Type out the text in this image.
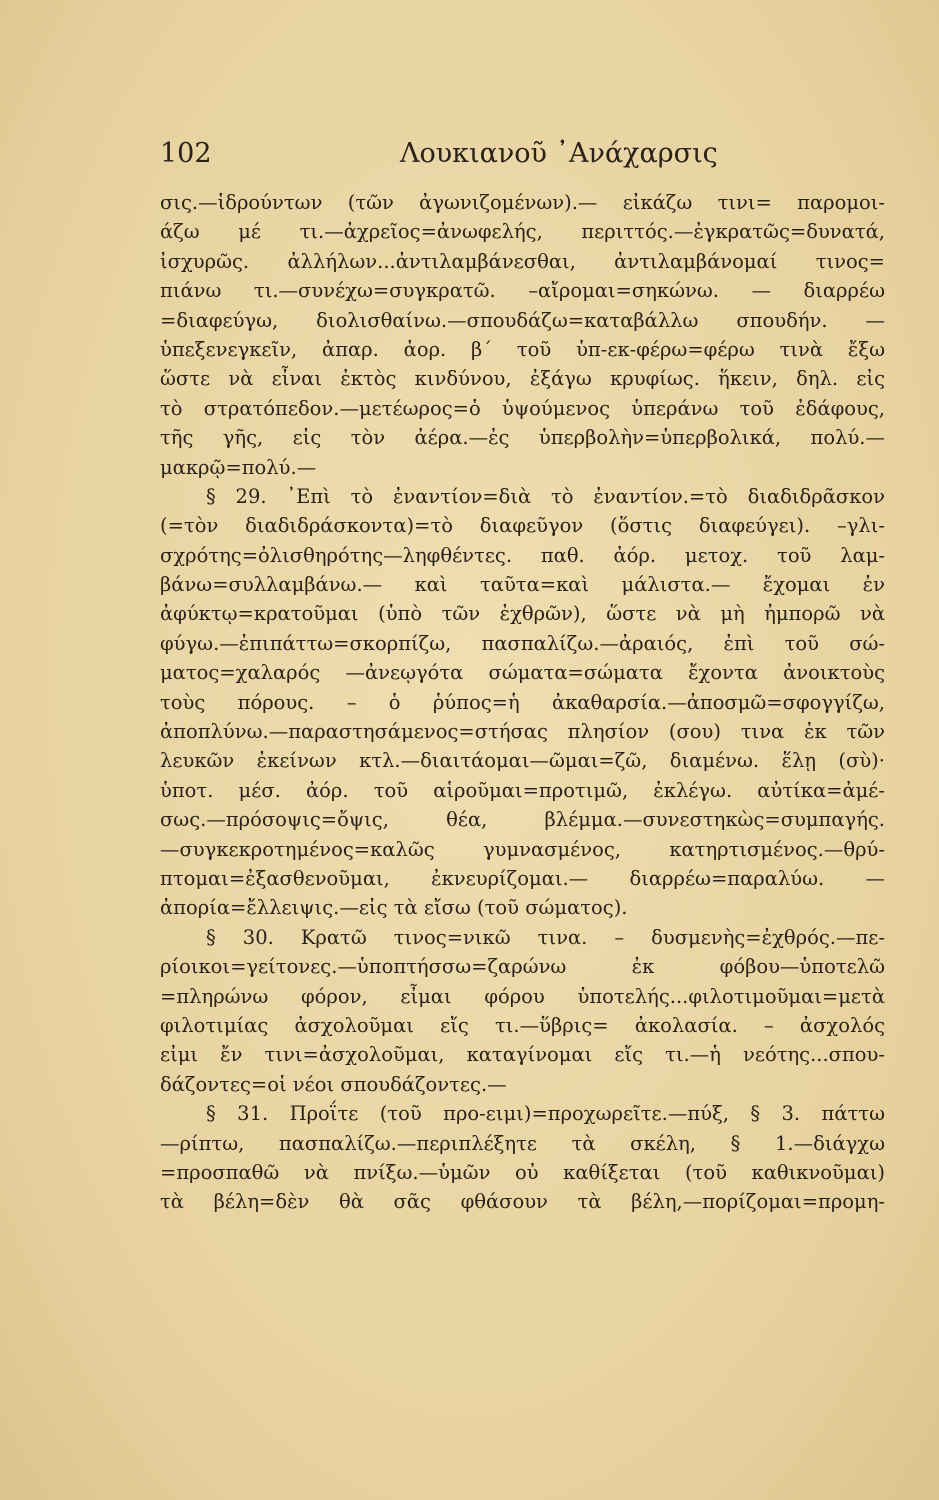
102	Λουκιανοῦ ᾿Ανάχαρσις
σις.—ἱδρούντων (τῶν ἀγωνιζομένων).— εἰκάζω τινι= παρομοι-
άζω μέ τι.—ἀχρεῖος=ἀνωφελής, περιττός.—ἐγκρατῶς=δυνατά,
ἰσχυρῶς. ἀλλήλων...ἀντιλαμβάνεσθαι, ἀντιλαμβάνομαί τινος=
πιάνω τι.—συνέχω=συγκρατῶ. –αἴρομαι=σηκώνω. — διαρρέω
=διαφεύγω, διολισθαίνω.—σπουδάζω=καταβάλλω σπουδήν. —
ὑπεξενεγκεῖν, ἀπαρ. ἀορ. β΄ τοῦ ὑπ-εκ-φέρω=φέρω τινὰ ἔξω
ὥστε νὰ εἶναι ἐκτὸς κινδύνου, ἐξάγω κρυφίως. ἥκειν, δηλ. εἰς
τὸ στρατόπεδον.—μετέωρος=ὁ ὑψούμενος ὑπεράνω τοῦ ἐδάφους,
τῆς γῆς, εἰς τὸν ἀέρα.—ἐς ὑπερβολὴν=ὑπερβολικά, πολύ.—
μακρῷ=πολύ.—
§ 29. ᾿Επὶ τὸ ἐναντίον=διὰ τὸ ἐναντίον.=τὸ διαδιδρᾶσκον
(=τὸν διαδιδράσκοντα)=τὸ διαφεῦγον (ὅστις διαφεύγει). –γλι-
σχρότης=ὀλισθηρότης—ληφθέντες. παθ. ἀόρ. μετοχ. τοῦ λαμ-
βάνω=συλλαμβάνω.— καὶ ταῦτα=καὶ μάλιστα.— ἔχομαι ἐν
ἀφύκτῳ=κρατοῦμαι (ὑπὸ τῶν ἐχθρῶν), ὥστε νὰ μὴ ἠμπορῶ νὰ
φύγω.—ἐπιπάττω=σκορπίζω, πασπαλίζω.—ἀραιός, ἐπὶ τοῦ σώ-
ματος=χαλαρός —ἀνεῳγότα σώματα=σώματα ἔχοντα ἀνοικτοὺς
τοὺς πόρους. – ὁ ῥύπος=ἡ ἀκαθαρσία.—ἀποσμῶ=σφογγίζω,
ἀποπλύνω.—παραστησάμενος=στήσας πλησίον (σου) τινα ἐκ τῶν
λευκῶν ἐκείνων κτλ.—διαιτάομαι—ῶμαι=ζῶ, διαμένω. ἕλῃ (σὺ)·
ὑποτ. μέσ. ἀόρ. τοῦ αἱροῦμαι=προτιμῶ, ἐκλέγω. αὐτίκα=ἀμέ-
σως.—πρόσοψις=ὄψις, θέα, βλέμμα.—συνεστηκὼς=συμπαγής.
—συγκεκροτημένος=καλῶς γυμνασμένος, κατηρτισμένος.—θρύ-
πτομαι=ἐξασθενοῦμαι, ἐκνευρίζομαι.— διαρρέω=παραλύω. —
ἀπορία=ἔλλειψις.—εἰς τὰ εἴσω (τοῦ σώματος).
§ 30. Κρατῶ τινος=νικῶ τινα. – δυσμενὴς=ἐχθρός.—πε-
ρίοικοι=γείτονες.—ὑποπτήσσω=ζαρώνω ἐκ φόβου—ὑποτελῶ
=πληρώνω φόρον, εἶμαι φόρου ὑποτελής...φιλοτιμοῦμαι=μετὰ
φιλοτιμίας ἀσχολοῦμαι εἴς τι.—ὕβρις= ἀκολασία. – ἀσχολός
εἰμι ἔν τινι=ἀσχολοῦμαι, καταγίνομαι εἴς τι.—ἡ νεότης...σπου-
δάζοντες=οἱ νέοι σπουδάζοντες.—
§ 31. Προΐτε (τοῦ προ-ειμι)=προχωρεῖτε.—πύξ, § 3. πάττω
—ρίπτω, πασπαλίζω.—περιπλέξητε τὰ σκέλη, § 1.—διάγχω
=προσπαθῶ νὰ πνίξω.—ὑμῶν οὐ καθίξεται (τοῦ καθικνοῦμαι)
τὰ βέλη=δὲν θὰ σᾶς φθάσουν τὰ βέλη,—πορίζομαι=προμη-
